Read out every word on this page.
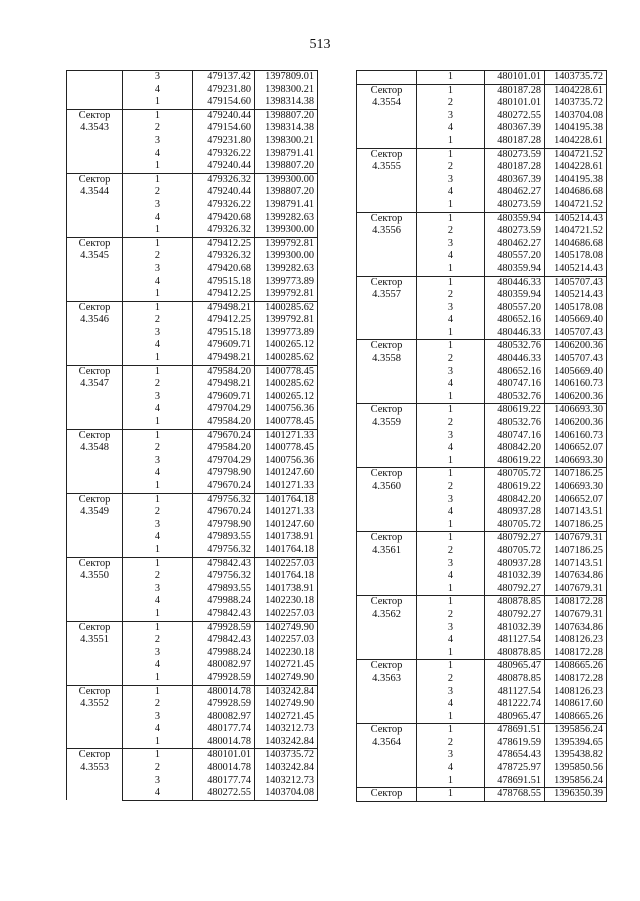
513
	3	479137.42	1397809.01
	4	479231.80	1398300.21
	1	479154.60	1398314.38
Сектор
4.3543	1	479240.44	1398807.20
	2	479154.60	1398314.38
	3	479231.80	1398300.21
	4	479326.22	1398791.41
	1	479240.44	1398807.20
Сектор
4.3544	1	479326.32	1399300.00
	2	479240.44	1398807.20
	3	479326.22	1398791.41
	4	479420.68	1399282.63
	1	479326.32	1399300.00
Сектор
4.3545	1	479412.25	1399792.81
	2	479326.32	1399300.00
	3	479420.68	1399282.63
	4	479515.18	1399773.89
	1	479412.25	1399792.81
Сектор
4.3546	1	479498.21	1400285.62
	2	479412.25	1399792.81
	3	479515.18	1399773.89
	4	479609.71	1400265.12
	1	479498.21	1400285.62
Сектор
4.3547	1	479584.20	1400778.45
	2	479498.21	1400285.62
	3	479609.71	1400265.12
	4	479704.29	1400756.36
	1	479584.20	1400778.45
Сектор
4.3548	1	479670.24	1401271.33
	2	479584.20	1400778.45
	3	479704.29	1400756.36
	4	479798.90	1401247.60
	1	479670.24	1401271.33
Сектор
4.3549	1	479756.32	1401764.18
	2	479670.24	1401271.33
	3	479798.90	1401247.60
	4	479893.55	1401738.91
	1	479756.32	1401764.18
Сектор
4.3550	1	479842.43	1402257.03
	2	479756.32	1401764.18
	3	479893.55	1401738.91
	4	479988.24	1402230.18
	1	479842.43	1402257.03
Сектор
4.3551	1	479928.59	1402749.90
	2	479842.43	1402257.03
	3	479988.24	1402230.18
	4	480082.97	1402721.45
	1	479928.59	1402749.90
Сектор
4.3552	1	480014.78	1403242.84
	2	479928.59	1402749.90
	3	480082.97	1402721.45
	4	480177.74	1403212.73
	1	480014.78	1403242.84
Сектор
4.3553	1	480101.01	1403735.72
	2	480014.78	1403242.84
	3	480177.74	1403212.73
	4	480272.55	1403704.08
	1	480101.01	1403735.72
Сектор
4.3554	1	480187.28	1404228.61
	2	480101.01	1403735.72
	3	480272.55	1403704.08
	4	480367.39	1404195.38
	1	480187.28	1404228.61
Сектор
4.3555	1	480273.59	1404721.52
	2	480187.28	1404228.61
	3	480367.39	1404195.38
	4	480462.27	1404686.68
	1	480273.59	1404721.52
Сектор
4.3556	1	480359.94	1405214.43
	2	480273.59	1404721.52
	3	480462.27	1404686.68
	4	480557.20	1405178.08
	1	480359.94	1405214.43
Сектор
4.3557	1	480446.33	1405707.43
	2	480359.94	1405214.43
	3	480557.20	1405178.08
	4	480652.16	1405669.40
	1	480446.33	1405707.43
Сектор
4.3558	1	480532.76	1406200.36
	2	480446.33	1405707.43
	3	480652.16	1405669.40
	4	480747.16	1406160.73
	1	480532.76	1406200.36
Сектор
4.3559	1	480619.22	1406693.30
	2	480532.76	1406200.36
	3	480747.16	1406160.73
	4	480842.20	1406652.07
	1	480619.22	1406693.30
Сектор
4.3560	1	480705.72	1407186.25
	2	480619.22	1406693.30
	3	480842.20	1406652.07
	4	480937.28	1407143.51
	1	480705.72	1407186.25
Сектор
4.3561	1	480792.27	1407679.31
	2	480705.72	1407186.25
	3	480937.28	1407143.51
	4	481032.39	1407634.86
	1	480792.27	1407679.31
Сектор
4.3562	1	480878.85	1408172.28
	2	480792.27	1407679.31
	3	481032.39	1407634.86
	4	481127.54	1408126.23
	1	480878.85	1408172.28
Сектор
4.3563	1	480965.47	1408665.26
	2	480878.85	1408172.28
	3	481127.54	1408126.23
	4	481222.74	1408617.60
	1	480965.47	1408665.26
Сектор
4.3564	1	478691.51	1395856.24
	2	478619.59	1395394.65
	3	478654.43	1395438.82
	4	478725.97	1395850.56
	1	478691.51	1395856.24
Сектор	1	478768.55	1396350.39
